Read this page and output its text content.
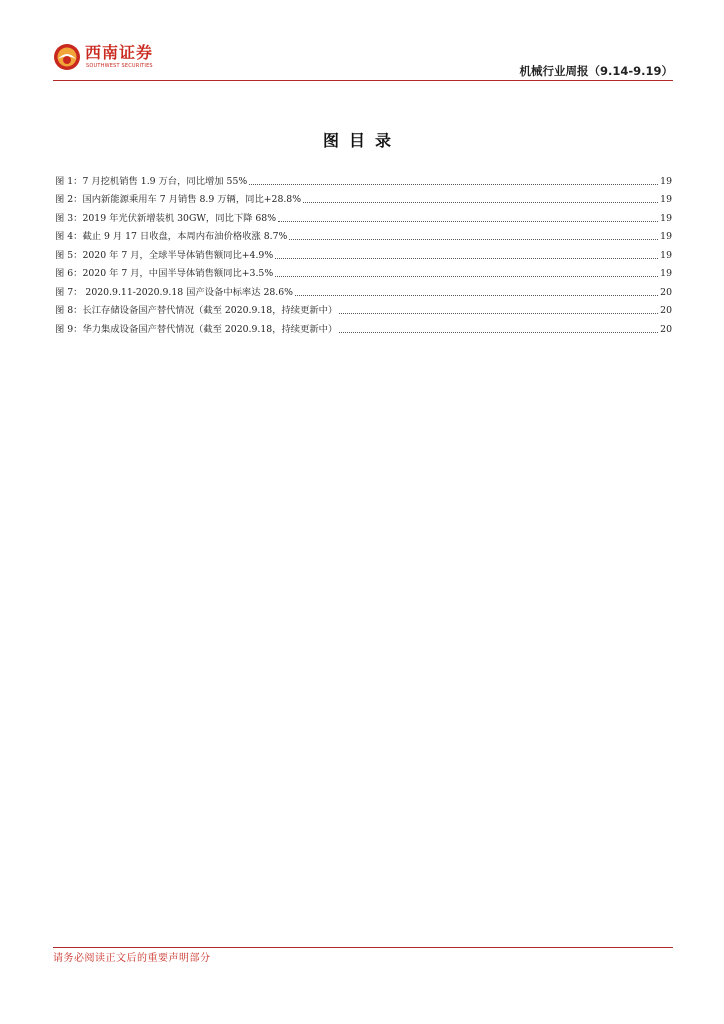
西南证券
SOUTHWEST SECURITIES	机械行业周报（9.14-9.19）
图目录
图 1：7 月挖机销售 1.9 万台，同比增加 55%	19
图 2：国内新能源乘用车 7 月销售 8.9 万辆，同比+28.8%	19
图 3：2019 年光伏新增装机 30GW，同比下降 68%	19
图 4：截止 9 月 17 日收盘，本周内布油价格收涨 8.7%	19
图 5：2020 年 7 月，全球半导体销售额同比+4.9%	19
图 6：2020 年 7 月，中国半导体销售额同比+3.5%	19
图 7： 2020.9.11-2020.9.18 国产设备中标率达 28.6%	20
图 8：长江存储设备国产替代情况（截至 2020.9.18，持续更新中）	20
图 9：华力集成设备国产替代情况（截至 2020.9.18，持续更新中）	20
请务必阅读正文后的重要声明部分
